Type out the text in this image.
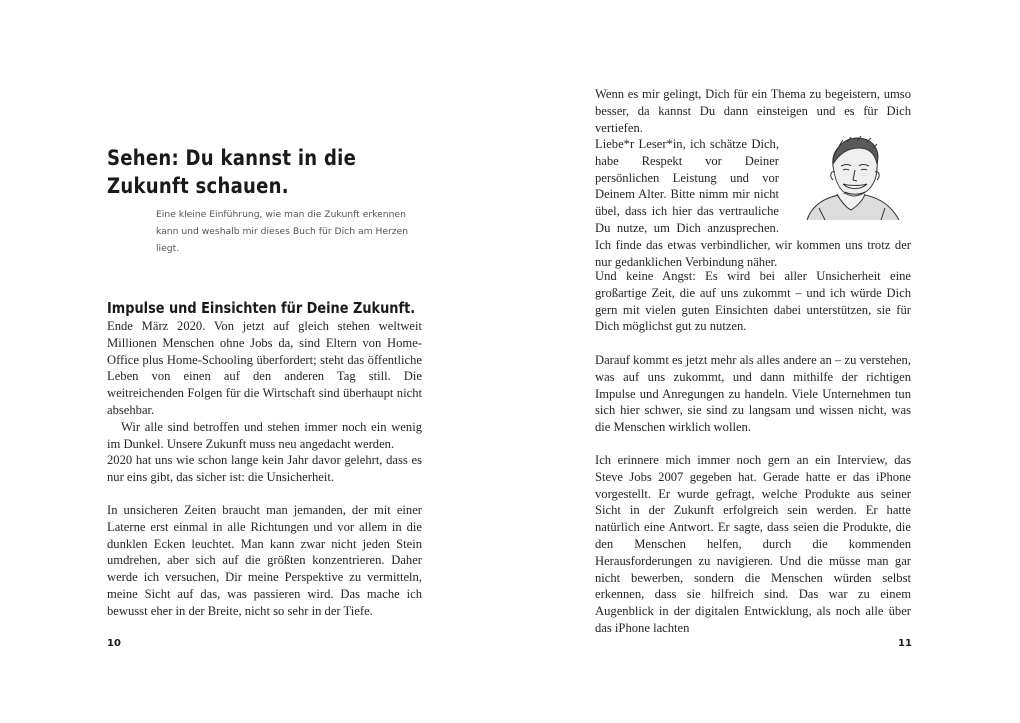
Sehen: Du kannst in die
Zukunft schauen.
Eine kleine Einführung, wie man die Zukunft erkennen kann und weshalb mir dieses Buch für Dich am Herzen liegt.
Impulse und Einsichten für Deine Zukunft.

Ende März 2020. Von jetzt auf gleich stehen weltweit Millionen Menschen ohne Jobs da, sind Eltern von Home-Office plus Home-Schooling überfordert; steht das öffentliche Leben von einen auf den anderen Tag still. Die weitreichenden Folgen für die Wirtschaft sind überhaupt nicht absehbar.

Wir alle sind betroffen und stehen immer noch ein wenig im Dunkel. Unsere Zukunft muss neu angedacht werden.

2020 hat uns wie schon lange kein Jahr davor gelehrt, dass es nur eins gibt, das sicher ist: die Unsicherheit.

In unsicheren Zeiten braucht man jemanden, der mit einer Laterne erst einmal in alle Richtungen und vor allem in die dunklen Ecken leuchtet. Man kann zwar nicht jeden Stein umdrehen, aber sich auf die größten konzentrieren. Daher werde ich versuchen, Dir meine Perspektive zu vermitteln, meine Sicht auf das, was passieren wird. Das mache ich bewusst eher in der Breite, nicht so sehr in der Tiefe.

10

Wenn es mir gelingt, Dich für ein Thema zu begeistern, umso besser, da kannst Du dann einsteigen und es für Dich vertiefen.

Liebe*r Leser*in, ich schätze Dich, habe Respekt vor Deiner persönlichen Leistung und vor Deinem Alter. Bitte nimm mir nicht übel, dass ich hier das vertrauliche Du nutze, um Dich anzusprechen. Ich finde das etwas verbindlicher, wir kommen uns trotz der nur gedanklichen Verbindung näher.

Und keine Angst: Es wird bei aller Unsicherheit eine großartige Zeit, die auf uns zukommt – und ich würde Dich gern mit vielen guten Einsichten dabei unterstützen, sie für Dich möglichst gut zu nutzen.

Darauf kommt es jetzt mehr als alles andere an – zu verstehen, was auf uns zukommt, und dann mithilfe der richtigen Impulse und Anregungen zu handeln. Viele Unternehmen tun sich hier schwer, sie sind zu langsam und wissen nicht, was die Menschen wirklich wollen.

Ich erinnere mich immer noch gern an ein Interview, das Steve Jobs 2007 gegeben hat. Gerade hatte er das iPhone vorgestellt. Er wurde gefragt, welche Produkte aus seiner Sicht in der Zukunft erfolgreich sein werden. Er hatte natürlich eine Antwort. Er sagte, dass seien die Produkte, die den Menschen helfen, durch die kommenden Herausforderungen zu navigieren. Und die müsse man gar nicht bewerben, sondern die Menschen würden selbst erkennen, dass sie hilfreich sind. Das war zu einem Augenblick in der digitalen Entwicklung, als noch alle über das iPhone lachten

11
